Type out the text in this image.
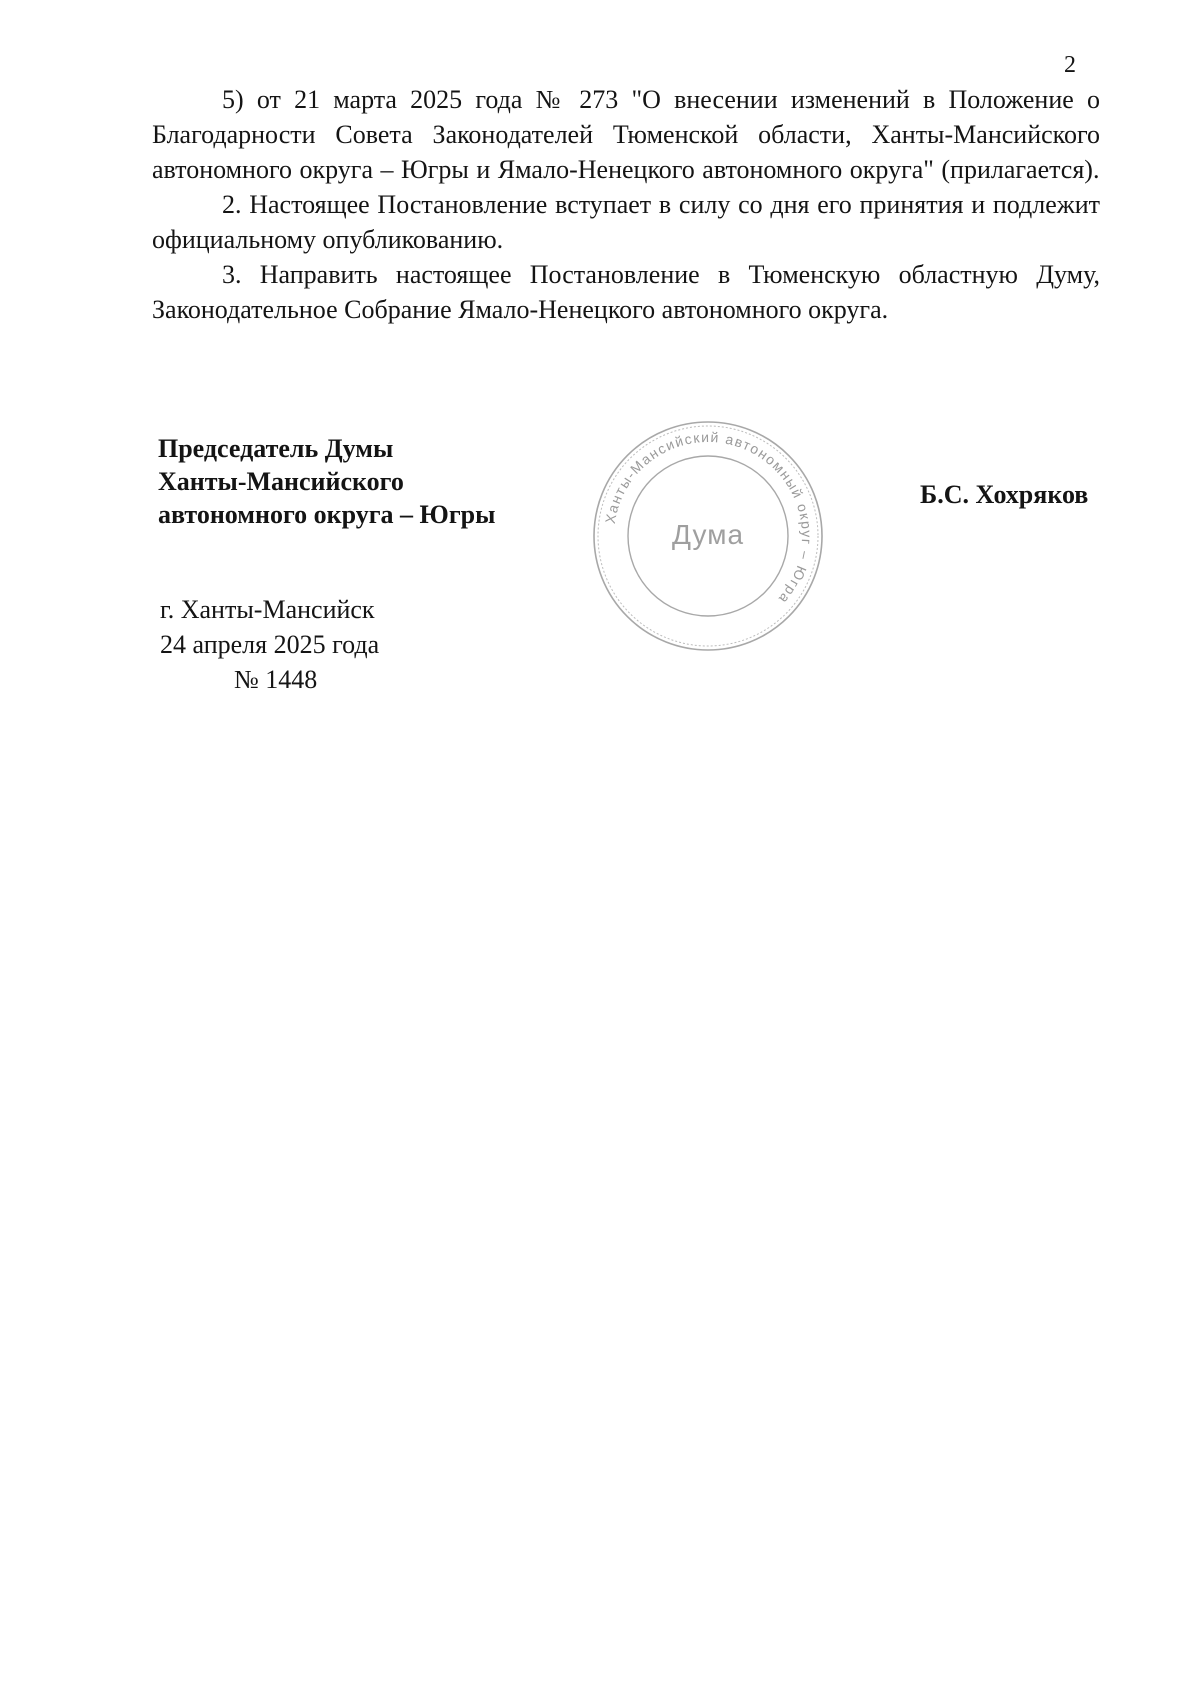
2

5) от 21 марта 2025 года № 273 "О внесении изменений в Положение о Благодарности Совета Законодателей Тюменской области, Ханты-Мансийского автономного округа – Югры и Ямало-Ненецкого автономного округа" (прилагается).

2. Настоящее Постановление вступает в силу со дня его принятия и подлежит официальному опубликованию.

3. Направить настоящее Постановление в Тюменскую областную Думу, Законодательное Собрание Ямало-Ненецкого автономного округа.

Председатель Думы
Ханты-Мансийского
автономного округа – Югры	Ханты-Мансийский автономный округ – Югра
Дума
Б.С. Хохряков
г. Ханты-Мансийск
24 апреля 2025 года
№ 1448
